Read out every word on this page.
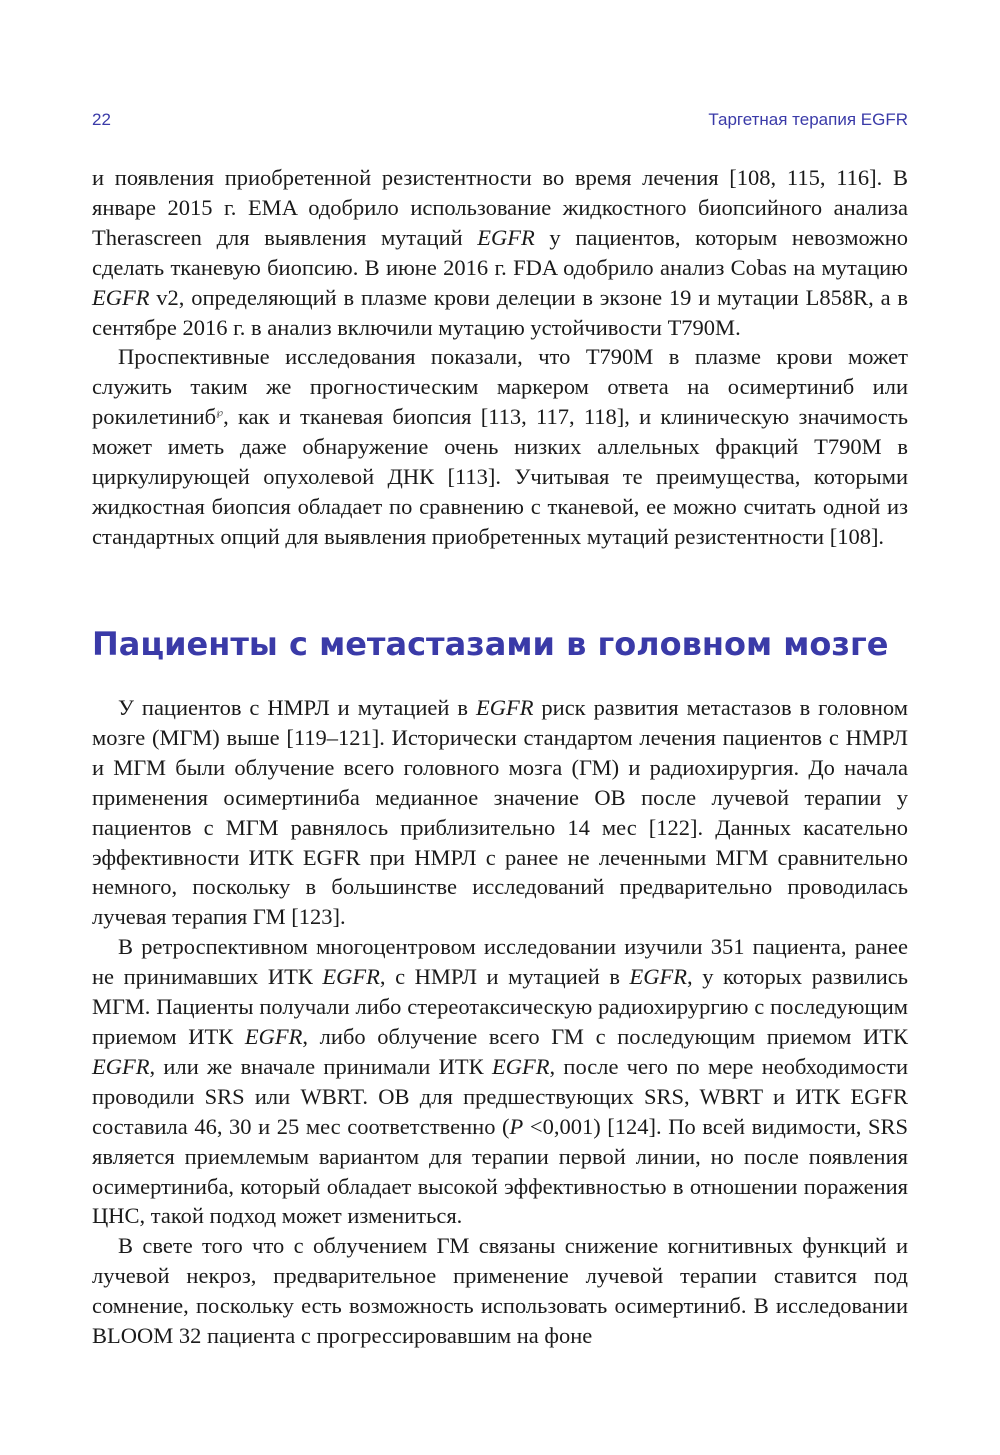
22	Таргетная терапия EGFR

и появления приобретенной резистентности во время лечения [108, 115, 116]. В январе 2015 г. EMA одобрило использование жидкостного биопсийного анализа Therascreen для выявления мутаций EGFR у пациентов, которым невозможно сделать тканевую биопсию. В июне 2016 г. FDA одобрило анализ Cobas на мутацию EGFR v2, определяющий в плазме крови делеции в экзоне 19 и мутации L858R, а в сентябре 2016 г. в анализ включили мутацию устойчивости T790M.

Проспективные исследования показали, что T790M в плазме крови может служить таким же прогностическим маркером ответа на осимертиниб или рокилетиниб℘, как и тканевая биопсия [113, 117, 118], и клиническую значимость может иметь даже обнаружение очень низких аллельных фракций T790M в циркулирующей опухолевой ДНК [113]. Учитывая те преимущества, которыми жидкостная биопсия обладает по сравнению с тканевой, ее можно считать одной из стандартных опций для выявления приобретенных мутаций резистентности [108].

Пациенты с метастазами в головном мозге

У пациентов с НМРЛ и мутацией в EGFR риск развития метастазов в головном мозге (МГМ) выше [119–121]. Исторически стандартом лечения пациентов с НМРЛ и МГМ были облучение всего головного мозга (ГМ) и радиохирургия. До начала применения осимертиниба медианное значение ОВ после лучевой терапии у пациентов с МГМ равнялось приблизительно 14 мес [122]. Данных касательно эффективности ИТК EGFR при НМРЛ с ранее не леченными МГМ сравнительно немного, поскольку в большинстве исследований предварительно проводилась лучевая терапия ГМ [123].

В ретроспективном многоцентровом исследовании изучили 351 пациента, ранее не принимавших ИТК EGFR, с НМРЛ и мутацией в EGFR, у которых развились МГМ. Пациенты получали либо стереотаксическую радиохирургию с последующим приемом ИТК EGFR, либо облучение всего ГМ с последующим приемом ИТК EGFR, или же вначале принимали ИТК EGFR, после чего по мере необходимости проводили SRS или WBRT. ОВ для предшествующих SRS, WBRT и ИТК EGFR составила 46, 30 и 25 мес соответственно (P <0,001) [124]. По всей видимости, SRS является приемлемым вариантом для терапии первой линии, но после появления осимертиниба, который обладает высокой эффективностью в отношении поражения ЦНС, такой подход может измениться.

В свете того что с облучением ГМ связаны снижение когнитивных функций и лучевой некроз, предварительное применение лучевой терапии ставится под сомнение, поскольку есть возможность использовать осимертиниб. В исследовании BLOOM 32 пациента с прогрессировавшим на фоне
